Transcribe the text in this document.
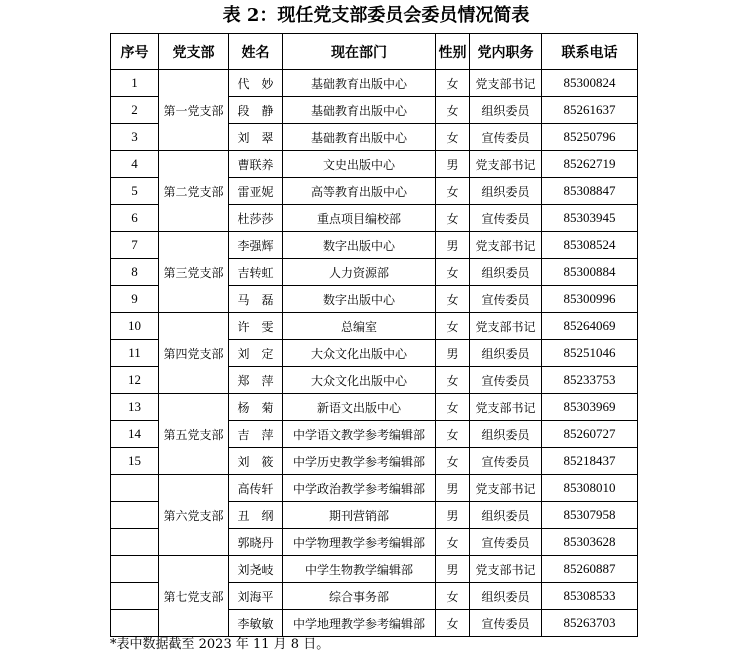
表 2：现任党支部委员会委员情况简表
序号	党支部	姓名	现在部门	性别	党内职务	联系电话
1	第一党支部	代　妙	基础教育出版中心	女	党支部书记	85300824
2		段　静	基础教育出版中心	女	组织委员	85261637
3		刘　翠	基础教育出版中心	女	宣传委员	85250796
4	第二党支部	曹联养	文史出版中心	男	党支部书记	85262719
5		雷亚妮	高等教育出版中心	女	组织委员	85308847
6		杜莎莎	重点项目编校部	女	宣传委员	85303945
7	第三党支部	李强辉	数字出版中心	男	党支部书记	85308524
8		吉转虹	人力资源部	女	组织委员	85300884
9		马　磊	数字出版中心	女	宣传委员	85300996
10	第四党支部	许　雯	总编室	女	党支部书记	85264069
11		刘　定	大众文化出版中心	男	组织委员	85251046
12		郑　萍	大众文化出版中心	女	宣传委员	85233753
13	第五党支部	杨　菊	新语文出版中心	女	党支部书记	85303969
14		吉　萍	中学语文教学参考编辑部	女	组织委员	85260727
15		刘　筱	中学历史教学参考编辑部	女	宣传委员	85218437
	第六党支部	高传轩	中学政治教学参考编辑部	男	党支部书记	85308010
		丑　纲	期刊营销部	男	组织委员	85307958
		郭晓丹	中学物理教学参考编辑部	女	宣传委员	85303628
	第七党支部	刘尧岐	中学生物教学编辑部	男	党支部书记	85260887
		刘海平	综合事务部	女	组织委员	85308533
		李敏敏	中学地理教学参考编辑部	女	宣传委员	85263703
*表中数据截至 2023 年 11 月 8 日。
